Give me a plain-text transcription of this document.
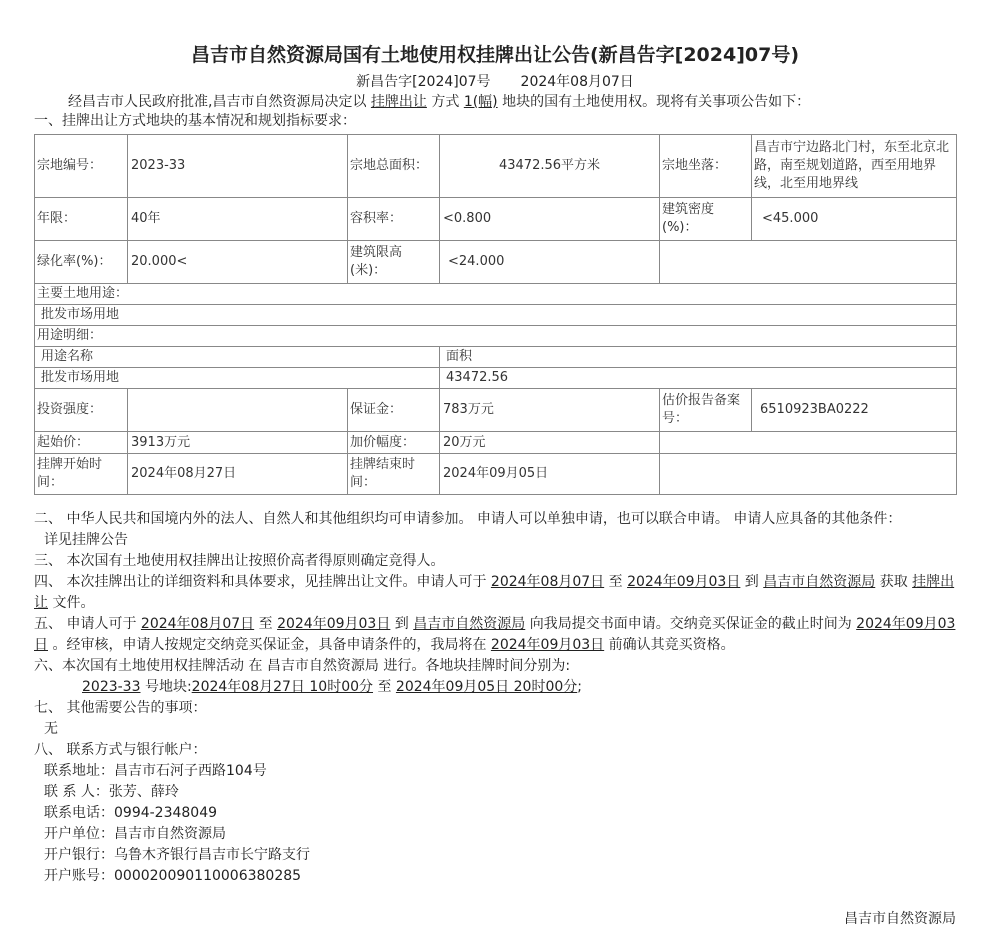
昌吉市自然资源局国有土地使用权挂牌出让公告(新昌告字[2024]07号)
新昌告字[2024]07号 2024年08月07日
经昌吉市人民政府批准,昌吉市自然资源局决定以 挂牌出让 方式 1(幅) 地块的国有土地使用权。现将有关事项公告如下：
一、挂牌出让方式地块的基本情况和规划指标要求：
宗地编号：	2023-33	宗地总面积：	43472.56平方米	宗地坐落：	昌吉市宁边路北门村，东至北京北路，南至规划道路，西至用地界线，北至用地界线
年限：	40年	容积率：	<0.800	建筑密度(%)：	<45.000
绿化率(%)：	20.000<	建筑限高(米)：	<24.000		
主要土地用途：					
批发市场用地					
用途明细：					
用途名称			面积		
批发市场用地			43472.56		
投资强度：		保证金：	783万元	估价报告备案号：	6510923BA0222
起始价：	3913万元	加价幅度：	20万元		
挂牌开始时间：	2024年08月27日	挂牌结束时间：	2024年09月05日		
二、 中华人民共和国境内外的法人、自然人和其他组织均可申请参加。 申请人可以单独申请，也可以联合申请。 申请人应具备的其他条件：
详见挂牌公告
三、 本次国有土地使用权挂牌出让按照价高者得原则确定竞得人。
四、 本次挂牌出让的详细资料和具体要求，见挂牌出让文件。申请人可于 2024年08月07日 至 2024年09月03日 到 昌吉市自然资源局 获取 挂牌出让 文件。
五、 申请人可于 2024年08月07日 至 2024年09月03日 到 昌吉市自然资源局 向我局提交书面申请。交纳竞买保证金的截止时间为 2024年09月03日 。经审核，申请人按规定交纳竞买保证金，具备申请条件的，我局将在 2024年09月03日 前确认其竞买资格。
六、本次国有土地使用权挂牌活动 在 昌吉市自然资源局 进行。各地块挂牌时间分别为:
2023-33 号地块:2024年08月27日 10时00分 至 2024年09月05日 20时00分;
七、 其他需要公告的事项：
无
八、 联系方式与银行帐户：
联系地址：昌吉市石河子西路104号
联 系 人：张芳、薛玲
联系电话：0994-2348049
开户单位：昌吉市自然资源局
开户银行：乌鲁木齐银行昌吉市长宁路支行
开户账号：000020090110006380285
昌吉市自然资源局
